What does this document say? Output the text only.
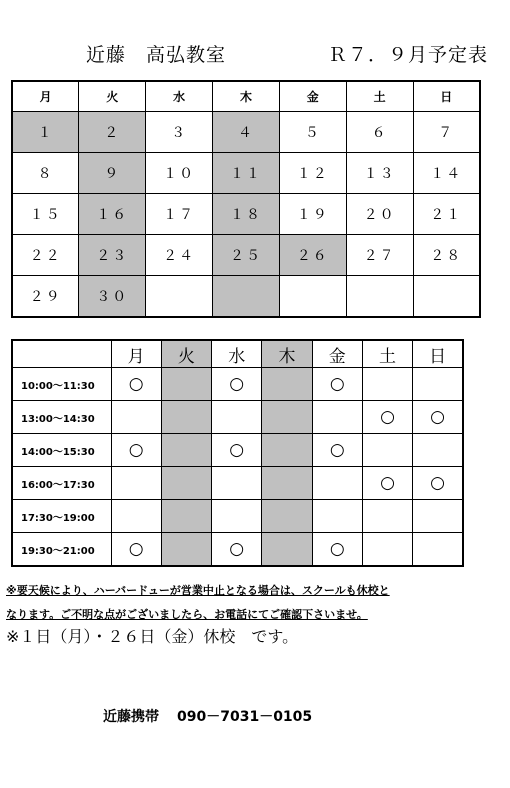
近藤　高弘教室	Ｒ７．９月予定表
月	火	水	木	金	土	日
１	２	３	４	５	６	７
８	９	１０	１１	１２	１３	１４
１５	１６	１７	１８	１９	２０	２１
２２	２３	２４	２５	２６	２７	２８
２９	３０					
	月	火	水	木	金	土	日
10:00～11:30	○		○		○		
13:00～14:30						○	○
14:00～15:30	○		○		○		
16:00～17:30						○	○
17:30～19:00							
19:30～21:00	○		○		○		
※要天候により、ハーバードューが営業中止となる場合は、スクールも休校と
なります。ご不明な点がございましたら、お電話にてご確認下さいませ。
※１日（月）・２６日（金）休校　です。
近藤携帯 090－7031－0105
